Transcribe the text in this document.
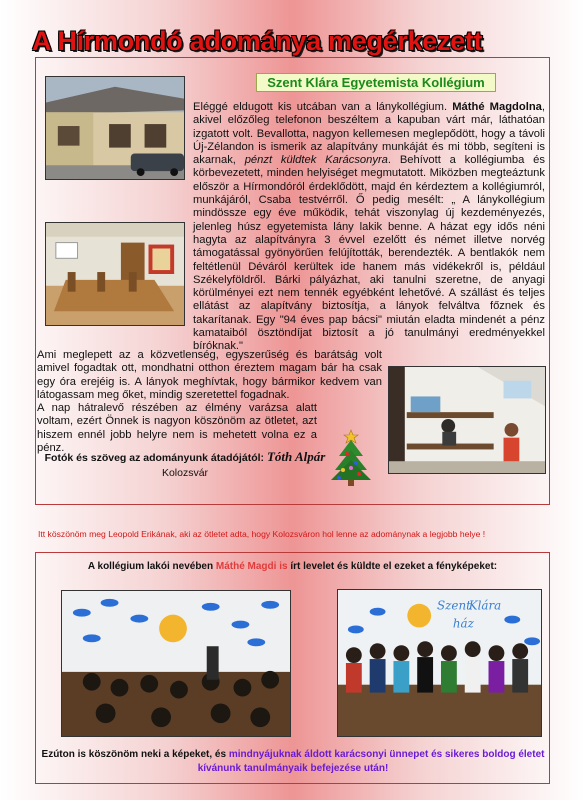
A Hírmondó adománya megérkezett
Szent Klára Egyetemista Kollégium

Eléggé eldugott kis utcában van a lánykollégium. Máthé Magdolna, akivel előzőleg telefonon beszéltem a kapuban várt már, láthatóan izgatott volt. Bevallotta, nagyon kellemesen meglepődött, hogy a távoli Új-Zélandon is ismerik az alapítvány munkáját és mi több, segíteni is akarnak, pénzt küldtek Karácsonyra. Behívott a kollégiumba és körbevezetett, minden helyiséget megmutatott. Miközben megteáztunk először a Hírmondóról érdeklődött, majd én kérdeztem a kollégiumról, munkájáról, Csaba testvérről. Ő pedig mesélt: „ A lánykollégium mindössze egy éve működik, tehát viszonylag új kezdeményezés, jelenleg húsz egyetemista lány lakik benne. A házat egy idős néni hagyta az alapítványra 3 évvel ezelőtt és német illetve norvég támogatással gyönyörűen felújították, berendezték. A bentlakók nem feltétlenül Déváról kerültek ide hanem más vidékekről is, például Székelyföldről. Bárki pályázhat, aki tanulni szeretne, de anyagi körülményei ezt nem tennék egyébként lehetővé. A szállást és teljes ellátást az alapítvány biztosítja, a lányok felváltva főznek és takarítanak. Egy "94 éves pap bácsi" miután eladta mindenét a pénz kamataiból ösztöndíjat biztosít a jó tanulmányi eredményekkel bíróknak."

Ami meglepett az a közvetlenség, egyszerűség és barátság volt amivel fogadtak ott, mondhatni otthon éreztem magam bár ha csak egy óra erejéig is. A lányok meghívtak, hogy bármikor kedvem van látogassam meg őket, mindig szeretettel fogadnak.

A nap hátralevő részében az élmény varázsa alatt voltam, ezért Önnek is nagyon köszönöm az ötletet, azt hiszem ennél jobb helyre nem is mehetett volna ez a pénz.

Fotók és szöveg az adományunk átadójától: Tóth Alpár
Kolozsvár
Itt köszönöm meg Leopold Erikának, aki az ötletet adta, hogy Kolozsváron hol lenne az adománynak a legjobb helye !
A kollégium lakói nevében Máthé Magdi is írt levelet és küldte el ezeket a fényképeket:
Szent
Klára
ház
Ezúton is köszönöm neki a képeket, és mindnyájuknak áldott karácsonyi ünnepet és sikeres boldog életet kívánunk tanulmányaik befejezése után!
